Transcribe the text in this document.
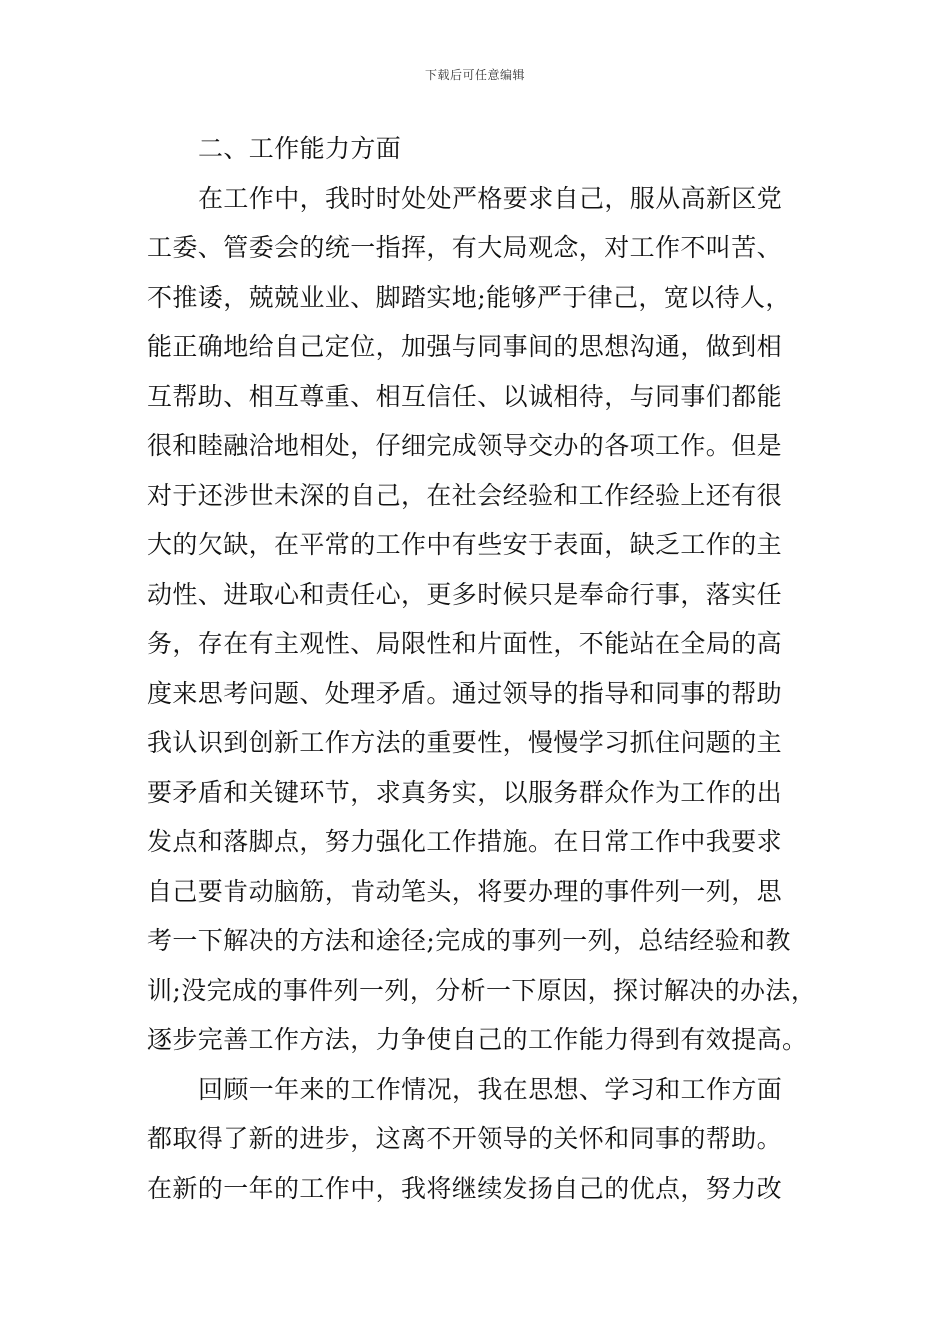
下载后可任意编辑
二、工作能力方面
在工作中，我时时处处严格要求自己，服从高新区党
工委、管委会的统一指挥，有大局观念，对工作不叫苦、
不推诿，兢兢业业、脚踏实地;能够严于律己，宽以待人，
能正确地给自己定位，加强与同事间的思想沟通，做到相
互帮助、相互尊重、相互信任、以诚相待，与同事们都能
很和睦融洽地相处，仔细完成领导交办的各项工作。但是
对于还涉世未深的自己，在社会经验和工作经验上还有很
大的欠缺，在平常的工作中有些安于表面，缺乏工作的主
动性、进取心和责任心，更多时候只是奉命行事，落实任
务，存在有主观性、局限性和片面性，不能站在全局的高
度来思考问题、处理矛盾。通过领导的指导和同事的帮助
我认识到创新工作方法的重要性，慢慢学习抓住问题的主
要矛盾和关键环节，求真务实，以服务群众作为工作的出
发点和落脚点，努力强化工作措施。在日常工作中我要求
自己要肯动脑筋，肯动笔头，将要办理的事件列一列，思
考一下解决的方法和途径;完成的事列一列，总结经验和教
训;没完成的事件列一列，分析一下原因，探讨解决的办法，
逐步完善工作方法，力争使自己的工作能力得到有效提高。
回顾一年来的工作情况，我在思想、学习和工作方面
都取得了新的进步，这离不开领导的关怀和同事的帮助。
在新的一年的工作中，我将继续发扬自己的优点，努力改
